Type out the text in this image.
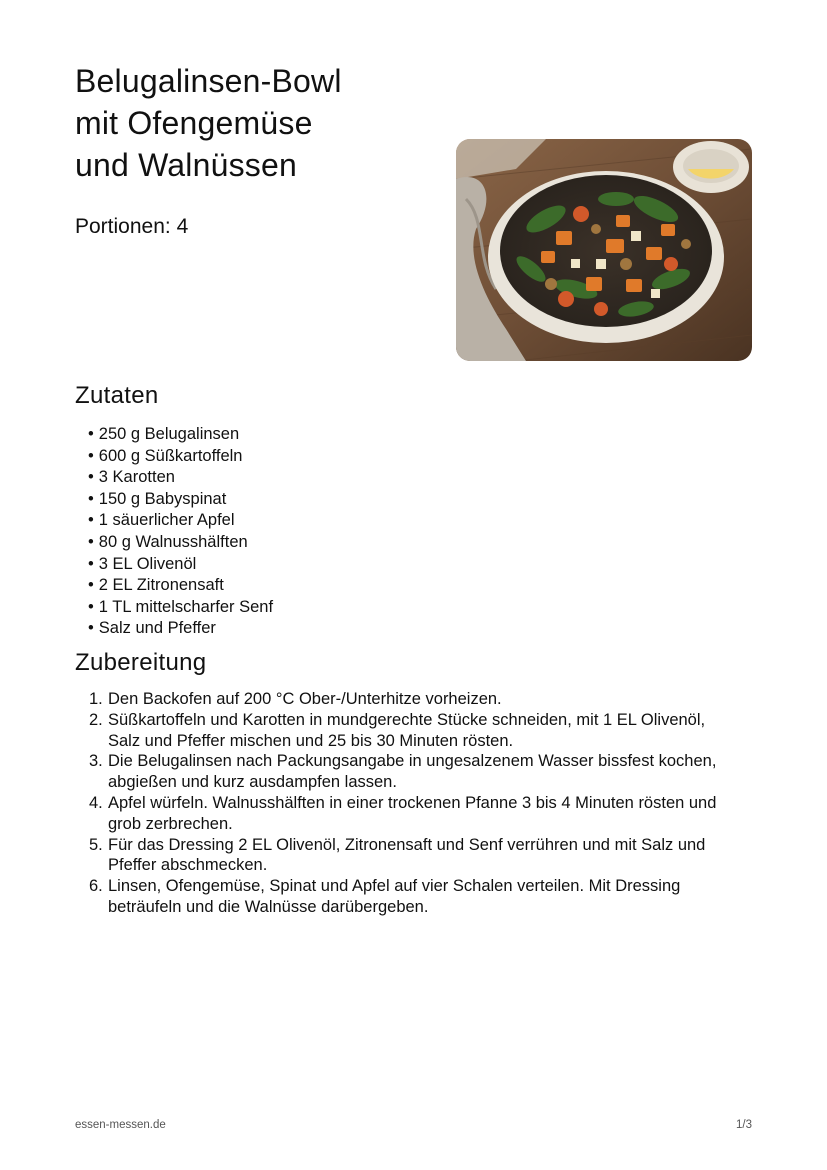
Belugalinsen-Bowl
mit Ofengemüse
und Walnüssen
Portionen: 4
Zutaten
• 250 g Belugalinsen
• 600 g Süßkartoffeln
• 3 Karotten
• 150 g Babyspinat
• 1 säuerlicher Apfel
• 80 g Walnusshälften
• 3 EL Olivenöl
• 2 EL Zitronensaft
• 1 TL mittelscharfer Senf
• Salz und Pfeffer
Zubereitung
1. Den Backofen auf 200 °C Ober-/Unterhitze vorheizen.
2. Süßkartoffeln und Karotten in mundgerechte Stücke schneiden, mit 1 EL Olivenöl,
Salz und Pfeffer mischen und 25 bis 30 Minuten rösten.
3. Die Belugalinsen nach Packungsangabe in ungesalzenem Wasser bissfest kochen,
abgießen und kurz ausdampfen lassen.
4. Apfel würfeln. Walnusshälften in einer trockenen Pfanne 3 bis 4 Minuten rösten und
grob zerbrechen.
5. Für das Dressing 2 EL Olivenöl, Zitronensaft und Senf verrühren und mit Salz und
Pfeffer abschmecken.
6. Linsen, Ofengemüse, Spinat und Apfel auf vier Schalen verteilen. Mit Dressing
beträufeln und die Walnüsse darübergeben.
essen-messen.de	1/3
